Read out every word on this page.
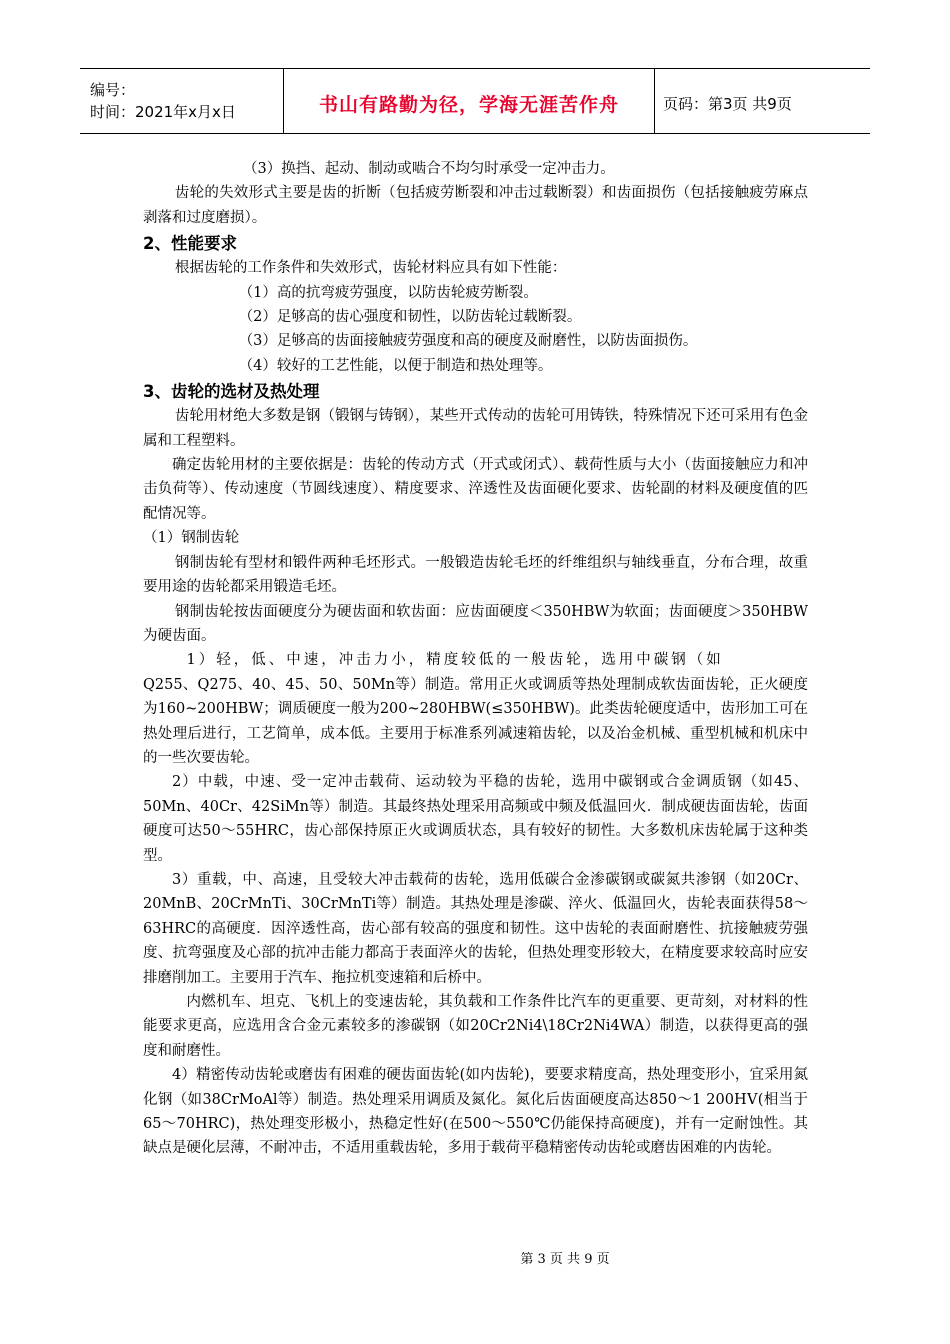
编号：
时间：2021年x月x日	书山有路勤为径，学海无涯苦作舟	页码：第3页 共9页

（3）换挡、起动、制动或啮合不均匀时承受一定冲击力。

齿轮的失效形式主要是齿的折断（包括疲劳断裂和冲击过载断裂）和齿面损伤（包括接触疲劳麻点剥落和过度磨损）。

2、性能要求

根据齿轮的工作条件和失效形式，齿轮材料应具有如下性能：

（1）高的抗弯疲劳强度，以防齿轮疲劳断裂。

（2）足够高的齿心强度和韧性，以防齿轮过载断裂。

（3）足够高的齿面接触疲劳强度和高的硬度及耐磨性，以防齿面损伤。

（4）较好的工艺性能，以便于制造和热处理等。

3、齿轮的选材及热处理

齿轮用材绝大多数是钢（锻钢与铸钢），某些开式传动的齿轮可用铸铁，特殊情况下还可采用有色金属和工程塑料。

确定齿轮用材的主要依据是：齿轮的传动方式（开式或闭式）、载荷性质与大小（齿面接触应力和冲击负荷等）、传动速度（节圆线速度）、精度要求、淬透性及齿面硬化要求、齿轮副的材料及硬度值的匹配情况等。

（1）钢制齿轮

钢制齿轮有型材和锻件两种毛坯形式。一般锻造齿轮毛坯的纤维组织与轴线垂直，分布合理，故重要用途的齿轮都采用锻造毛坯。

钢制齿轮按齿面硬度分为硬齿面和软齿面：应齿面硬度＜350HBW为软面；齿面硬度＞350HBW为硬齿面。

1）轻，低、中速，冲击力小，精度较低的一般齿轮，选用中碳钢（如

Q255、Q275、40、45、50、50Mn等）制造。常用正火或调质等热处理制成软齿面齿轮，正火硬度为160~200HBW；调质硬度一般为200~280HBW(≤350HBW)。此类齿轮硬度适中，齿形加工可在热处理后进行，工艺简单，成本低。主要用于标准系列减速箱齿轮，以及冶金机械、重型机械和机床中的一些次要齿轮。

2）中载，中速、受一定冲击载荷、运动较为平稳的齿轮，选用中碳钢或合金调质钢（如45、50Mn、40Cr、42SiMn等）制造。其最终热处理采用高频或中频及低温回火．制成硬齿面齿轮，齿面硬度可达50～55HRC，齿心部保持原正火或调质状态，具有较好的韧性。大多数机床齿轮属于这种类型。

3）重载，中、高速，且受较大冲击载荷的齿轮，选用低碳合金渗碳钢或碳氮共渗钢（如20Cr、20MnB、20CrMnTi、30CrMnTi等）制造。其热处理是渗碳、淬火、低温回火，齿轮表面获得58～63HRC的高硬度．因淬透性高，齿心部有较高的强度和韧性。这中齿轮的表面耐磨性、抗接触疲劳强度、抗弯强度及心部的抗冲击能力都高于表面淬火的齿轮，但热处理变形较大，在精度要求较高时应安排磨削加工。主要用于汽车、拖拉机变速箱和后桥中。

内燃机车、坦克、飞机上的变速齿轮，其负载和工作条件比汽车的更重要、更苛刻，对材料的性能要求更高，应选用含合金元素较多的渗碳钢（如20Cr2Ni4\18Cr2Ni4WA）制造，以获得更高的强度和耐磨性。

4）精密传动齿轮或磨齿有困难的硬齿面齿轮(如内齿轮)，要要求精度高，热处理变形小，宜采用氮化钢（如38CrMoAl等）制造。热处理采用调质及氮化。氮化后齿面硬度高达850～1 200HⅤ(相当于65～70HRC)，热处理变形极小，热稳定性好(在500～550℃仍能保持高硬度)，并有一定耐蚀性。其缺点是硬化层薄，不耐冲击，不适用重载齿轮，多用于载荷平稳精密传动齿轮或磨齿困难的内齿轮。

第 3 页 共 9 页
